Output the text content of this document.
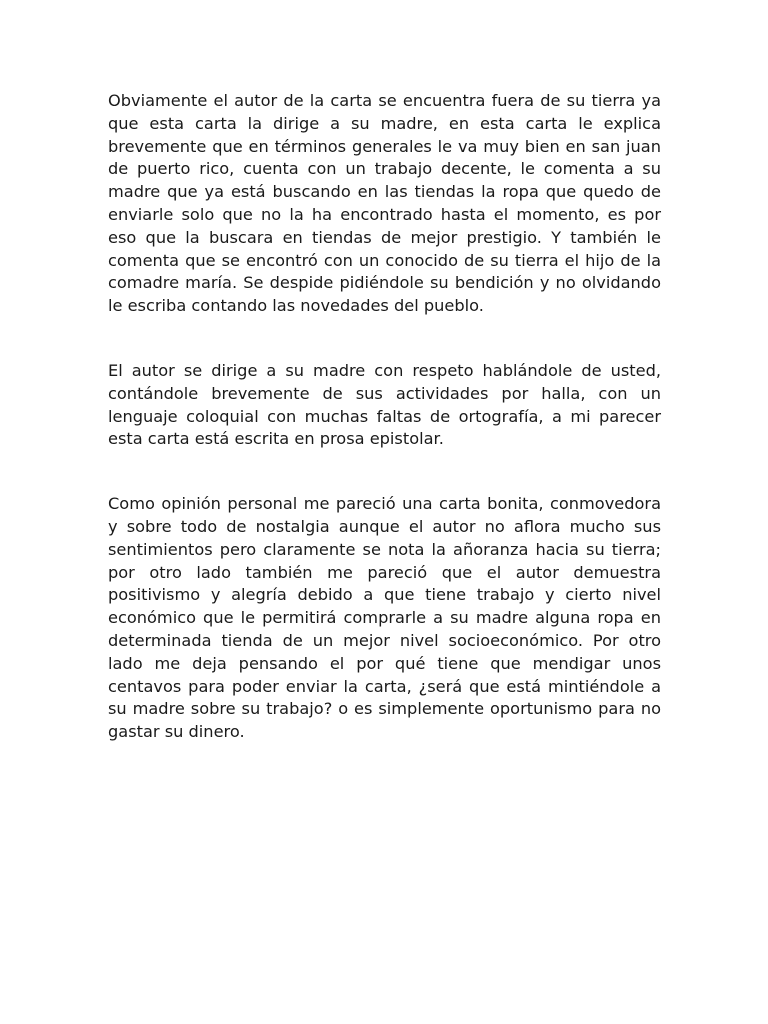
Obviamente el autor de la carta se encuentra fuera de su tierra ya que esta carta la dirige a su madre, en esta carta le explica brevemente que en términos generales le va muy bien en san juan de puerto rico, cuenta con un trabajo decente, le comenta a su madre que ya está buscando en las tiendas la ropa que quedo de enviarle solo que no la ha encontrado hasta el momento, es por eso que la buscara en tiendas de mejor prestigio. Y también le comenta que se encontró con un conocido de su tierra el hijo de la comadre maría. Se despide pidiéndole su bendición y no olvidando le escriba contando las novedades del pueblo.

El autor se dirige a su madre con respeto hablándole de usted, contándole brevemente de sus actividades por halla, con un lenguaje coloquial con muchas faltas de ortografía, a mi parecer esta carta está escrita en prosa epistolar.

Como opinión personal me pareció una carta bonita, conmovedora y sobre todo de nostalgia aunque el autor no aflora mucho sus sentimientos pero claramente se nota la añoranza hacia su tierra; por otro lado también me pareció que el autor demuestra positivismo y alegría debido a que tiene trabajo y cierto nivel económico que le permitirá comprarle a su madre alguna ropa en determinada tienda de un mejor nivel socioeconómico. Por otro lado me deja pensando el por qué tiene que mendigar unos centavos para poder enviar la carta, ¿será que está mintiéndole a su madre sobre su trabajo? o es simplemente oportunismo para no gastar su dinero.
